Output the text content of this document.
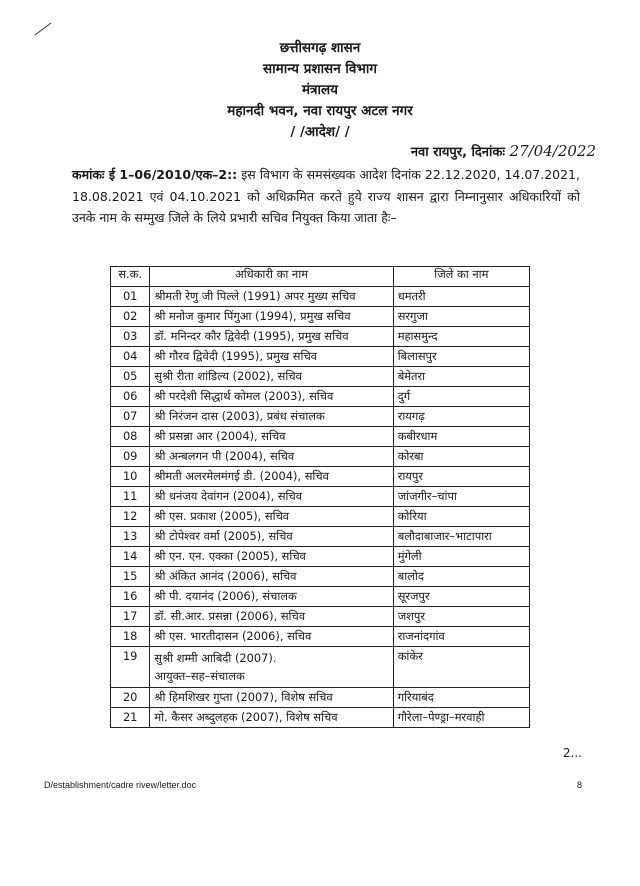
छत्तीसगढ़ शासन
सामान्य प्रशासन विभाग
मंत्रालय
महानदी भवन, नवा रायपुर अटल नगर
/ /आदेश/ /
नवा रायपुर, दिनांकः 27/04/2022
कमांकः ई 1–06/2010/एक–2:: इस विभाग के समसंख्यक आदेश दिनांक 22.12.2020, 14.07.2021, 18.08.2021 एवं 04.10.2021 को अधिक्रमित करते हुये राज्य शासन द्वारा निम्नानुसार अधिकारियों को उनके नाम के सम्मुख जिले के लिये प्रभारी सचिव नियुक्त किया जाता हैः–
स.क.	अधिकारी का नाम	जिले का नाम
01	श्रीमती रेणु जी पिल्ले (1991) अपर मुख्य सचिव	धमतरी
02	श्री मनोज कुमार पिंगुआ (1994), प्रमुख सचिव	सरगुजा
03	डॉ. मनिन्दर कौर द्विवेदी (1995), प्रमुख सचिव	महासमुन्द
04	श्री गौरव द्विवेदी (1995), प्रमुख सचिव	बिलासपुर
05	सुश्री रीता शांडिल्य (2002), सचिव	बेमेतरा
06	श्री परदेशी सिद्धार्थ कोमल (2003), सचिव	दुर्ग
07	श्री निरंजन दास (2003), प्रबंध संचालक	रायगढ़
08	श्री प्रसन्ना आर (2004), सचिव	कबीरधाम
09	श्री अन्बलगन पी (2004), सचिव	कोरबा
10	श्रीमती अलरमेलमंगई डी. (2004), सचिव	रायपुर
11	श्री धनंजय देवांगन (2004), सचिव	जांजगीर–चांपा
12	श्री एस. प्रकाश (2005), सचिव	कोरिया
13	श्री टोपेश्वर वर्मा (2005), सचिव	बलौदाबाजार–भाटापारा
14	श्री एन. एन. एक्का (2005), सचिव	मुंगेली
15	श्री अंकित आनंद (2006), सचिव	बालोद
16	श्री पी. दयानंद (2006), संचालक	सूरजपुर
17	डॉ. सी.आर. प्रसन्ना (2006), सचिव	जशपुर
18	श्री एस. भारतीदासन (2006), सचिव	राजनांदगांव
19	सुश्री शम्मी आबिदी (2007).
आयुक्त–सह–संचालक	कांकेर
20	श्री हिमशिखर गुप्ता (2007), विशेष सचिव	गरियाबंद
21	मो. कैसर अब्दुलहक (2007), विशेष सचिव	गौरेला–पेण्ड्रा–मरवाही
2...
D/establishment/cadre rivew/letter.doc	8
